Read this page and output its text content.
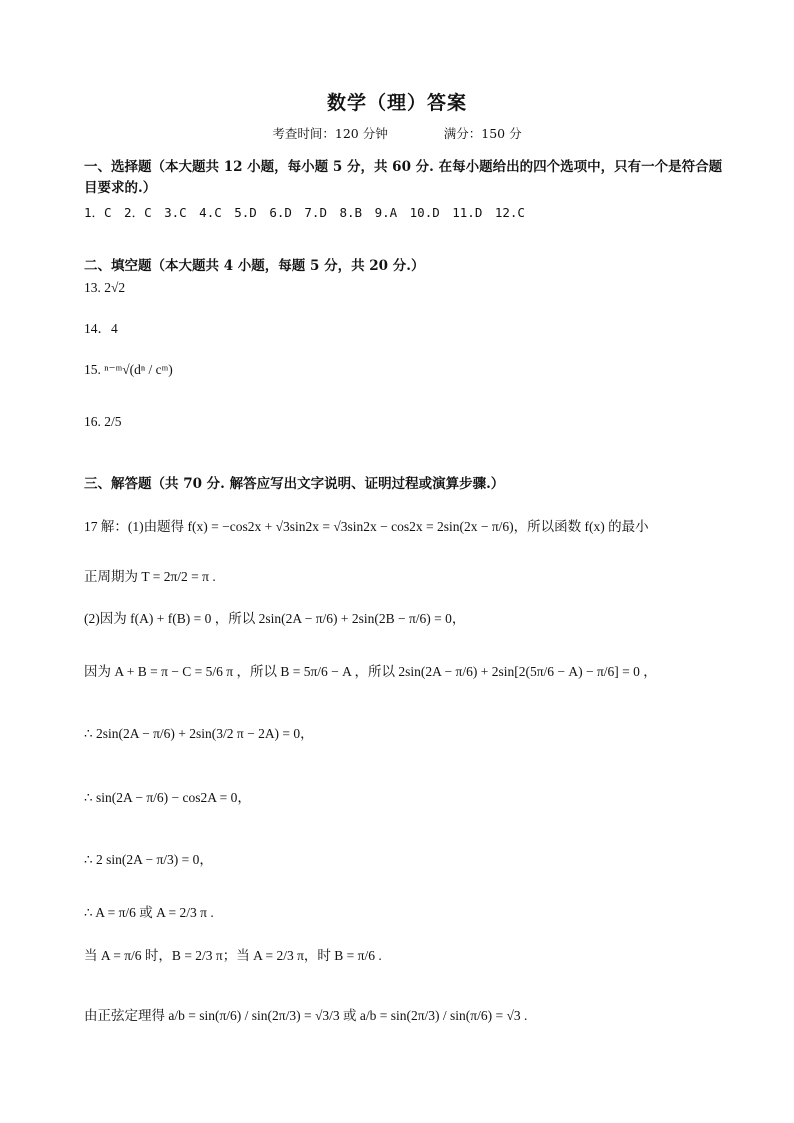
数学（理）答案
考查时间：120 分钟	满分：150 分
一、选择题（本大题共 12 小题，每小题 5 分，共 60 分. 在每小题给出的四个选项中，只有一个是符合题目要求的.）
1．C　2．C　3.C　4.C　5.D　6.D　7.D　8.B　9.A　10.D　11.D　12.C
二、填空题（本大题共 4 小题，每题 5 分，共 20 分.）
13. 2√2
14．4
15. ⁿ⁻ᵐ√(dⁿ / cᵐ)
16. 2/5
三、解答题（共 70 分. 解答应写出文字说明、证明过程或演算步骤.）
17 解：(1)由题得 f(x) = −cos2x + √3sin2x = √3sin2x − cos2x = 2sin(2x − π/6)，所以函数 f(x) 的最小
正周期为 T = 2π/2 = π .
(2)因为 f(A) + f(B) = 0 ，所以 2sin(2A − π/6) + 2sin(2B − π/6) = 0，
因为 A + B = π − C = 5/6 π ，所以 B = 5π/6 − A ，所以 2sin(2A − π/6) + 2sin[2(5π/6 − A) − π/6] = 0 ，
∴ 2sin(2A − π/6) + 2sin(3/2 π − 2A) = 0，
∴ sin(2A − π/6) − cos2A = 0，
∴ 2 sin(2A − π/3) = 0，
∴ A = π/6 或 A = 2/3 π .
当 A = π/6 时，B = 2/3 π；当 A = 2/3 π，时 B = π/6 .
由正弦定理得 a/b = sin(π/6) / sin(2π/3) = √3/3 或 a/b = sin(2π/3) / sin(π/6) = √3 .
